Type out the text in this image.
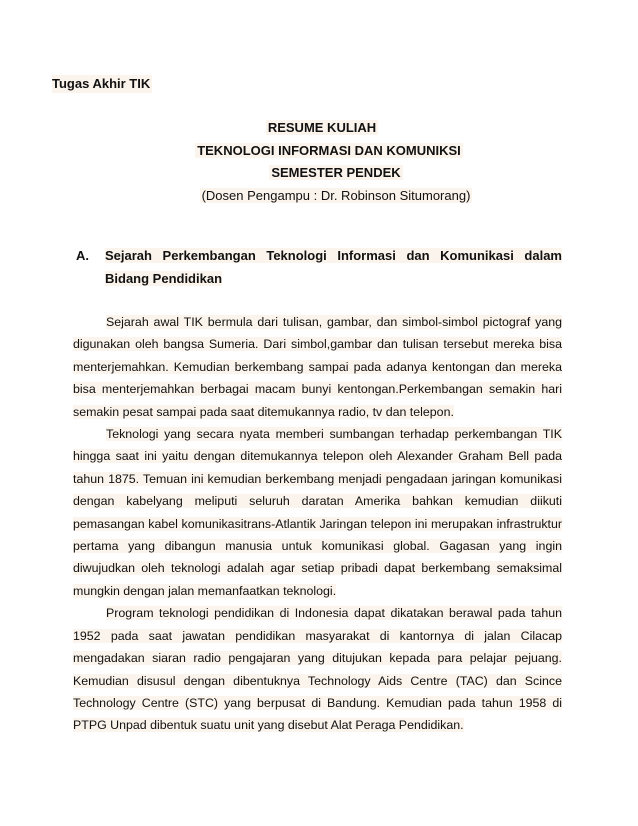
Tugas Akhir TIK
RESUME KULIAH
TEKNOLOGI INFORMASI DAN KOMUNIKSI
SEMESTER PENDEK
(Dosen Pengampu : Dr. Robinson Situmorang)
A. Sejarah Perkembangan Teknologi Informasi dan Komunikasi dalam Bidang Pendidikan

Sejarah awal TIK bermula dari tulisan, gambar, dan simbol-simbol pictograf yang digunakan oleh bangsa Sumeria. Dari simbol,gambar dan tulisan tersebut mereka bisa menterjemahkan. Kemudian berkembang sampai pada adanya kentongan dan mereka bisa menterjemahkan berbagai macam bunyi kentongan.Perkembangan semakin hari semakin pesat sampai pada saat ditemukannya radio, tv dan telepon.

Teknologi yang secara nyata memberi sumbangan terhadap perkembangan TIK hingga saat ini yaitu dengan ditemukannya telepon oleh Alexander Graham Bell pada tahun 1875. Temuan ini kemudian berkembang menjadi pengadaan jaringan komunikasi dengan kabelyang meliputi seluruh daratan Amerika bahkan kemudian diikuti pemasangan kabel komunikasitrans-Atlantik Jaringan telepon ini merupakan infrastruktur pertama yang dibangun manusia untuk komunikasi global. Gagasan yang ingin diwujudkan oleh teknologi adalah agar setiap pribadi dapat berkembang semaksimal mungkin dengan jalan memanfaatkan teknologi.

Program teknologi pendidikan di Indonesia dapat dikatakan berawal pada tahun 1952 pada saat jawatan pendidikan masyarakat di kantornya di jalan Cilacap mengadakan siaran radio pengajaran yang ditujukan kepada para pelajar pejuang. Kemudian disusul dengan dibentuknya Technology Aids Centre (TAC) dan Scince Technology Centre (STC) yang berpusat di Bandung. Kemudian pada tahun 1958 di PTPG Unpad dibentuk suatu unit yang disebut Alat Peraga Pendidikan.
